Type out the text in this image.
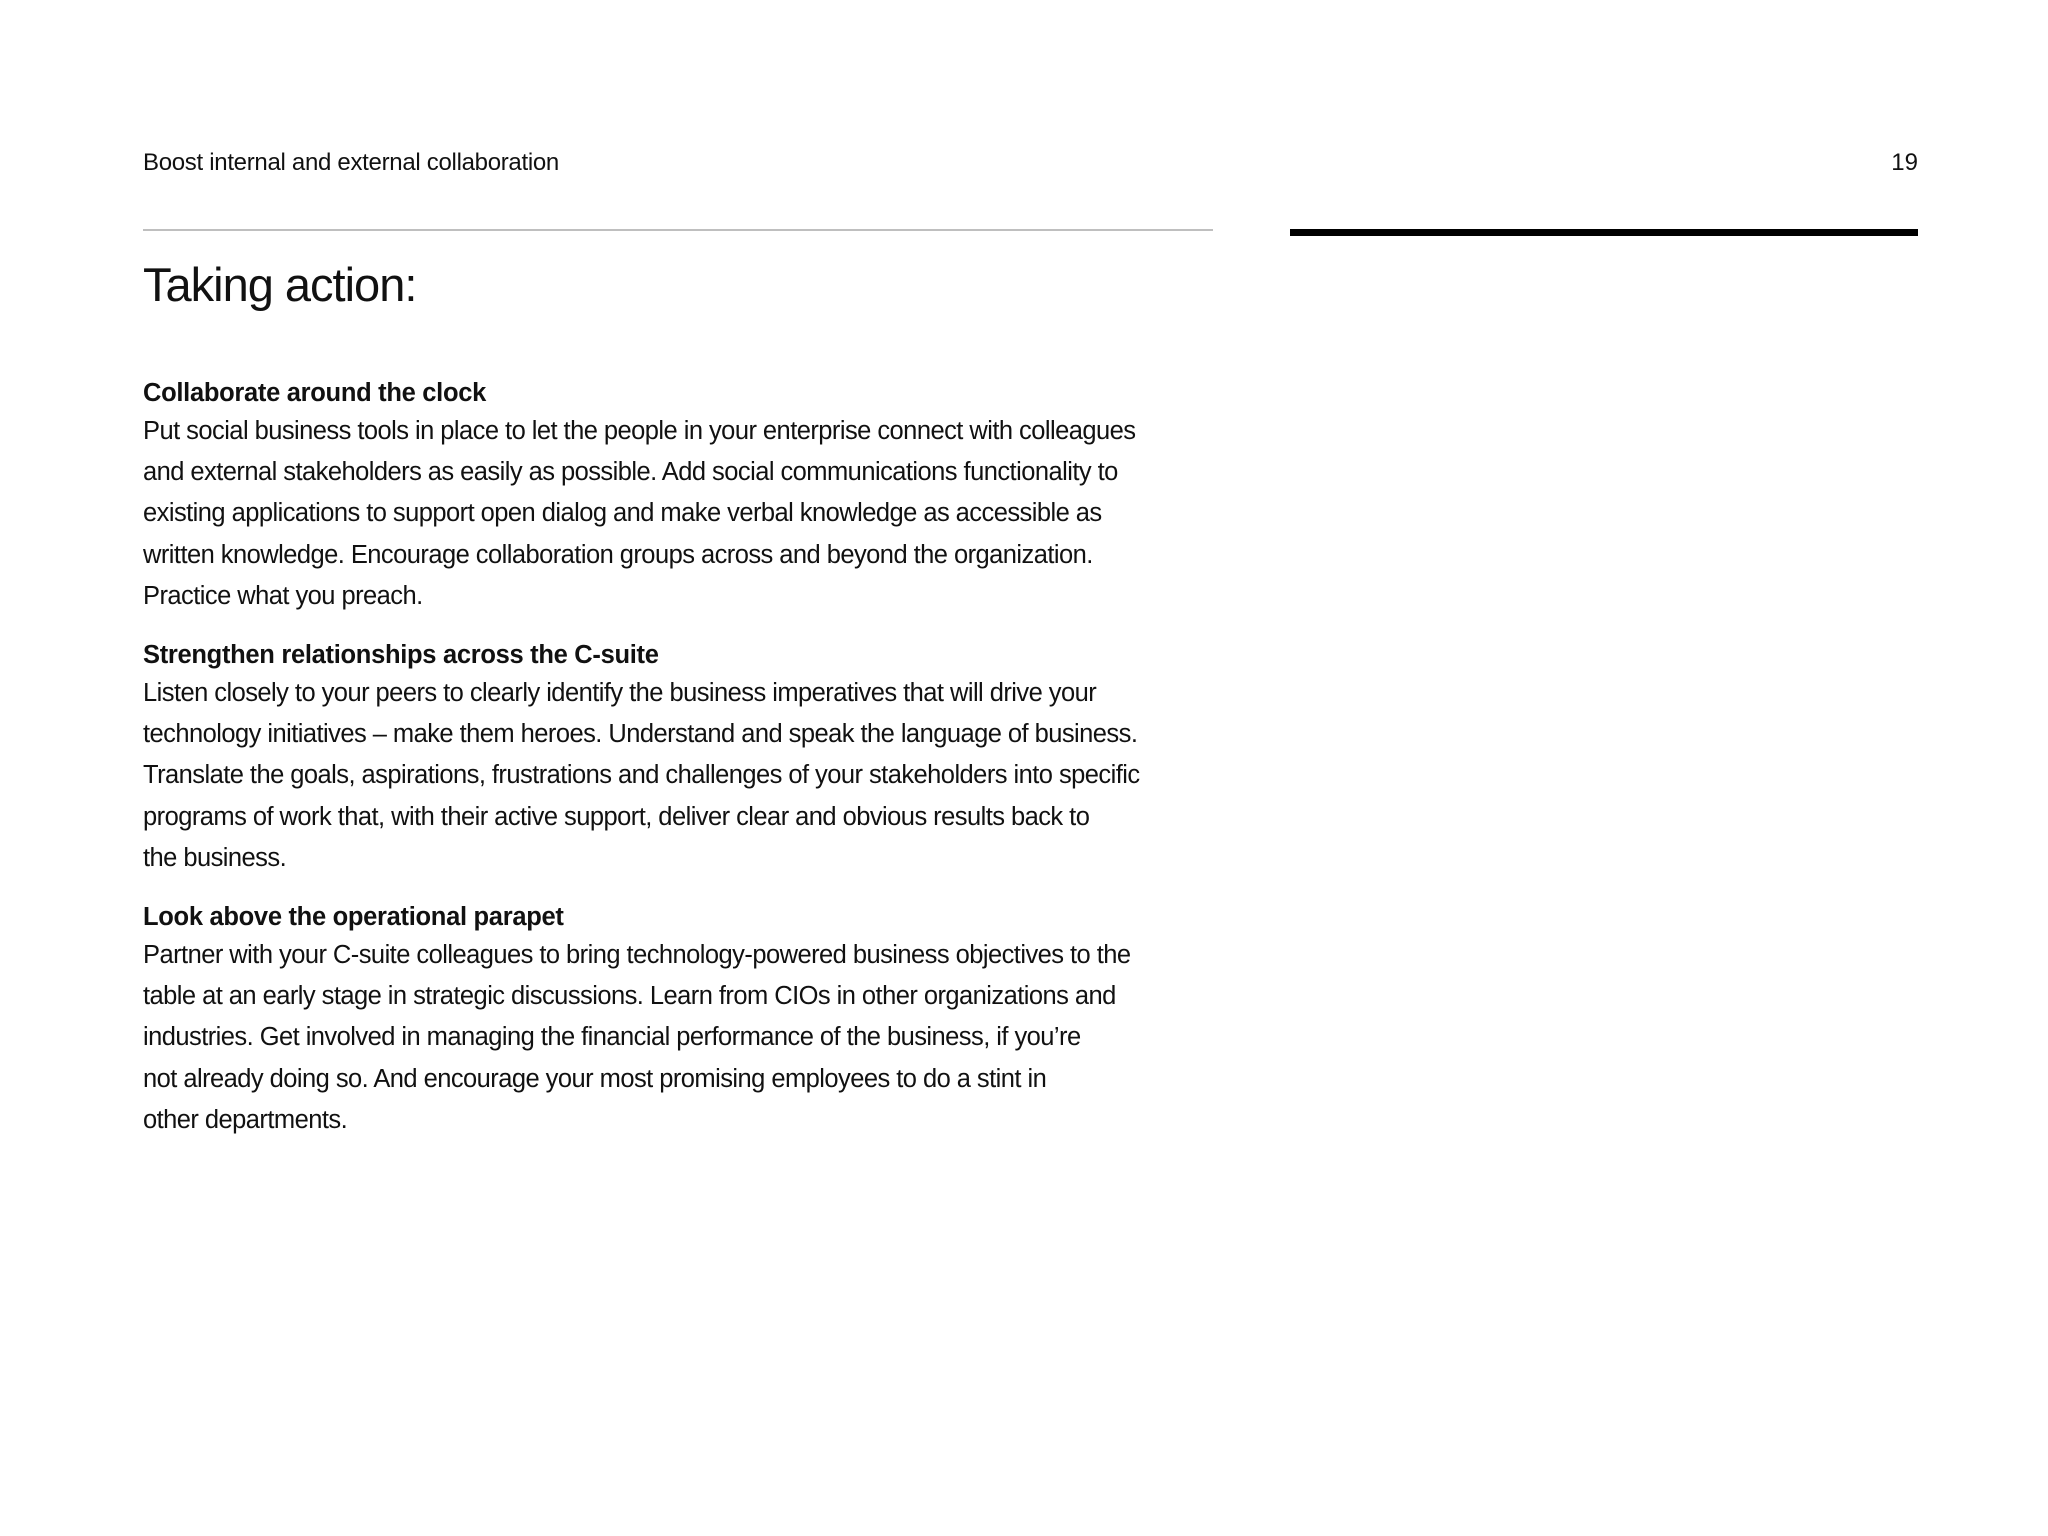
Boost internal and external collaboration	19
Taking action:
Collaborate around the clock

Put social business tools in place to let the people in your enterprise connect with colleagues
and external stakeholders as easily as possible. Add social communications functionality to
existing applications to support open dialog and make verbal knowledge as accessible as
written knowledge. Encourage collaboration groups across and beyond the organization.
Practice what you preach.

Strengthen relationships across the C-suite

Listen closely to your peers to clearly identify the business imperatives that will drive your
technology initiatives – make them heroes. Understand and speak the language of business.
Translate the goals, aspirations, frustrations and challenges of your stakeholders into specific
programs of work that, with their active support, deliver clear and obvious results back to
the business.

Look above the operational parapet

Partner with your C-suite colleagues to bring technology-powered business objectives to the
table at an early stage in strategic discussions. Learn from CIOs in other organizations and
industries. Get involved in managing the financial performance of the business, if you’re
not already doing so. And encourage your most promising employees to do a stint in
other departments.
